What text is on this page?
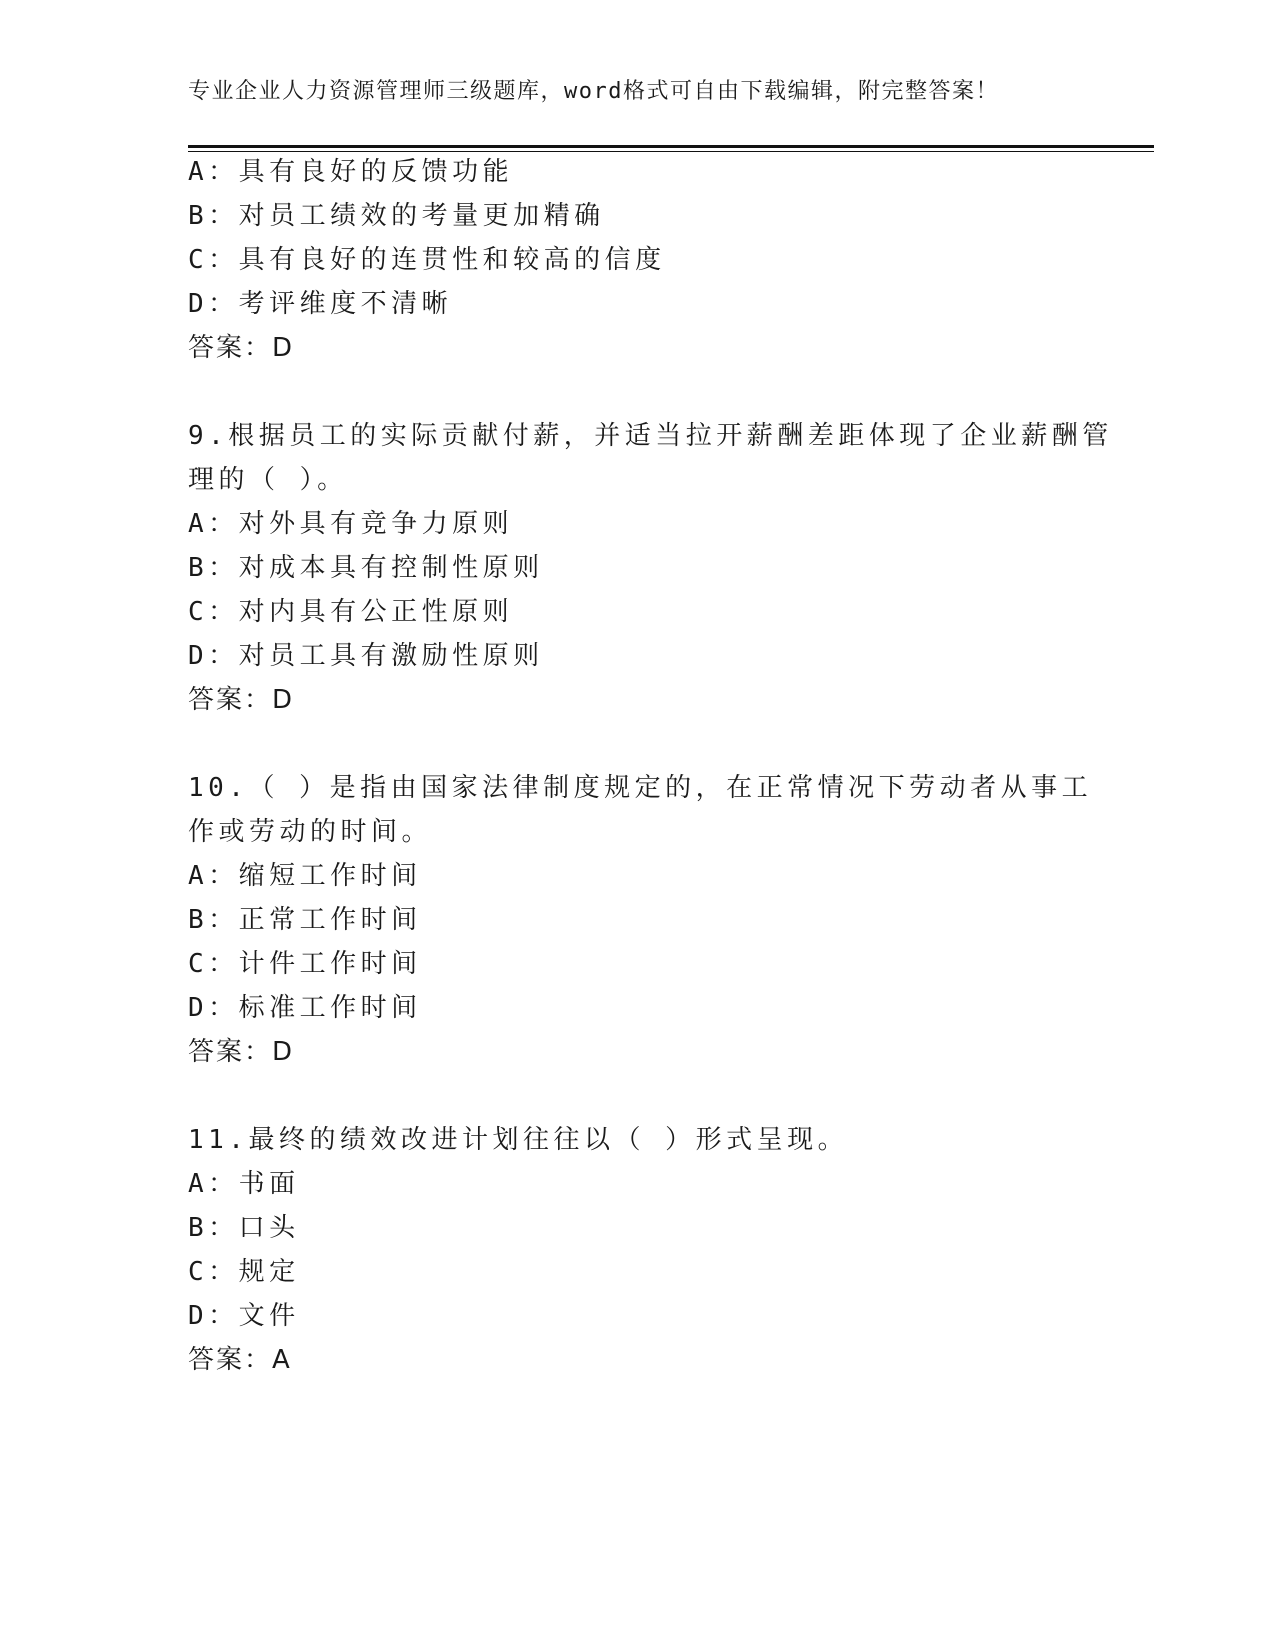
专业企业人力资源管理师三级题库，word格式可自由下载编辑，附完整答案！
A：具有良好的反馈功能
B：对员工绩效的考量更加精确
C：具有良好的连贯性和较高的信度
D：考评维度不清晰
答案：D
9.根据员工的实际贡献付薪，并适当拉开薪酬差距体现了企业薪酬管
理的（ ）。
A：对外具有竞争力原则
B：对成本具有控制性原则
C：对内具有公正性原则
D：对员工具有激励性原则
答案：D
10.（ ）是指由国家法律制度规定的，在正常情况下劳动者从事工
作或劳动的时间。
A：缩短工作时间
B：正常工作时间
C：计件工作时间
D：标准工作时间
答案：D
11.最终的绩效改进计划往往以（ ）形式呈现。
A：书面
B：口头
C：规定
D：文件
答案：A
